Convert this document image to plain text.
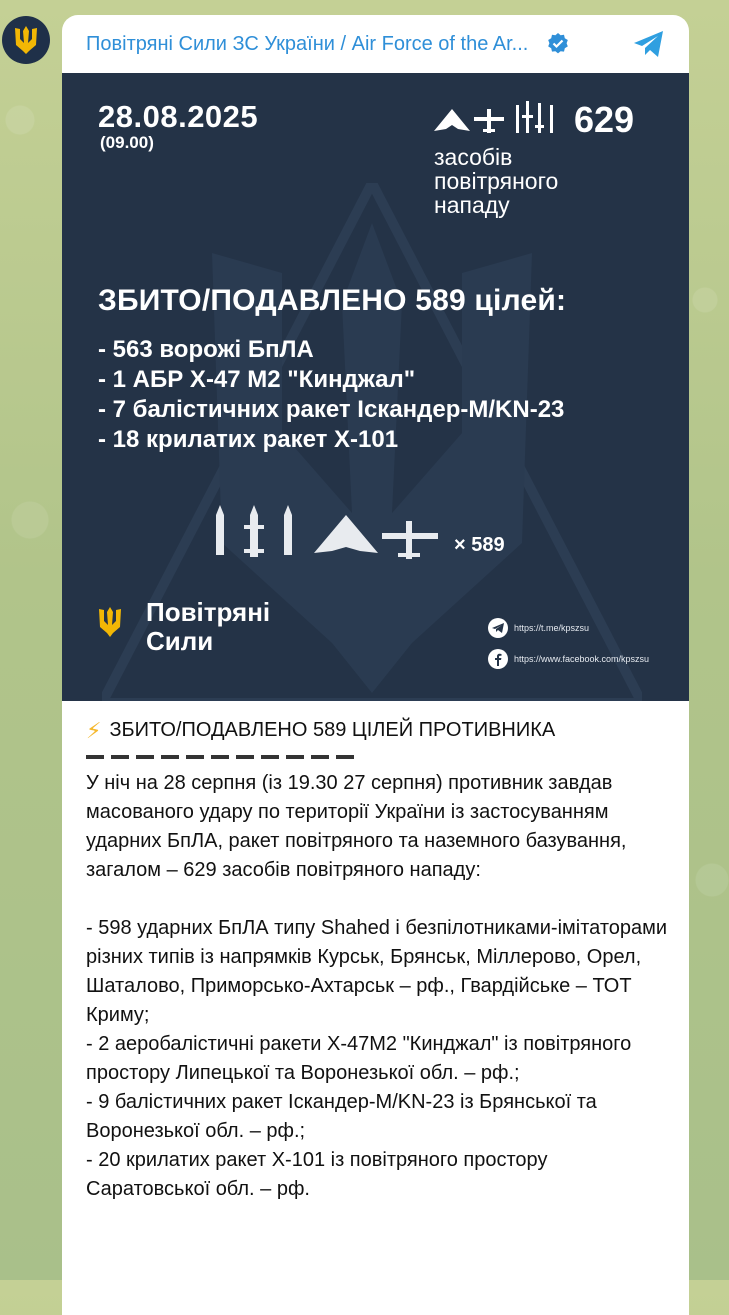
Повітряні Сили ЗС України / Air Force of the Ar...
28.08.2025
(09.00)
629
засобів
повітряного
нападу
ЗБИТО/ПОДАВЛЕНО 589 цілей:
- 563 ворожі БпЛА
- 1 АБР Х-47 М2 "Кинджал"
- 7 балістичних ракет Іскандер-М/KN-23
- 18 крилатих ракет Х-101
× 589
Повітряні
Сили	https://t.me/kpszsu
https://www.facebook.com/kpszsu
⚡ ЗБИТО/ПОДАВЛЕНО 589 ЦІЛЕЙ ПРОТИВНИКА

У ніч на 28 серпня (із 19.30 27 серпня) противник завдав масованого удару по території України із застосуванням ударних БпЛА, ракет повітряного та наземного базування, загалом – 629 засобів повітряного нападу:

- 598 ударних БпЛА типу Shahed і безпілотниками-імітаторами різних типів із напрямків Курськ, Брянськ, Міллерово, Орел, Шаталово, Приморсько-Ахтарськ – рф., Гвардійське – ТОТ Криму;

- 2 аеробалістичні ракети Х-47М2 "Кинджал" із повітряного простору Липецької та Воронезької обл. – рф.;

- 9 балістичних ракет Іскандер-М/KN-23 із Брянської та Воронезької обл. – рф.;

- 20 крилатих ракет Х-101 із повітряного простору Саратовської обл. – рф.
